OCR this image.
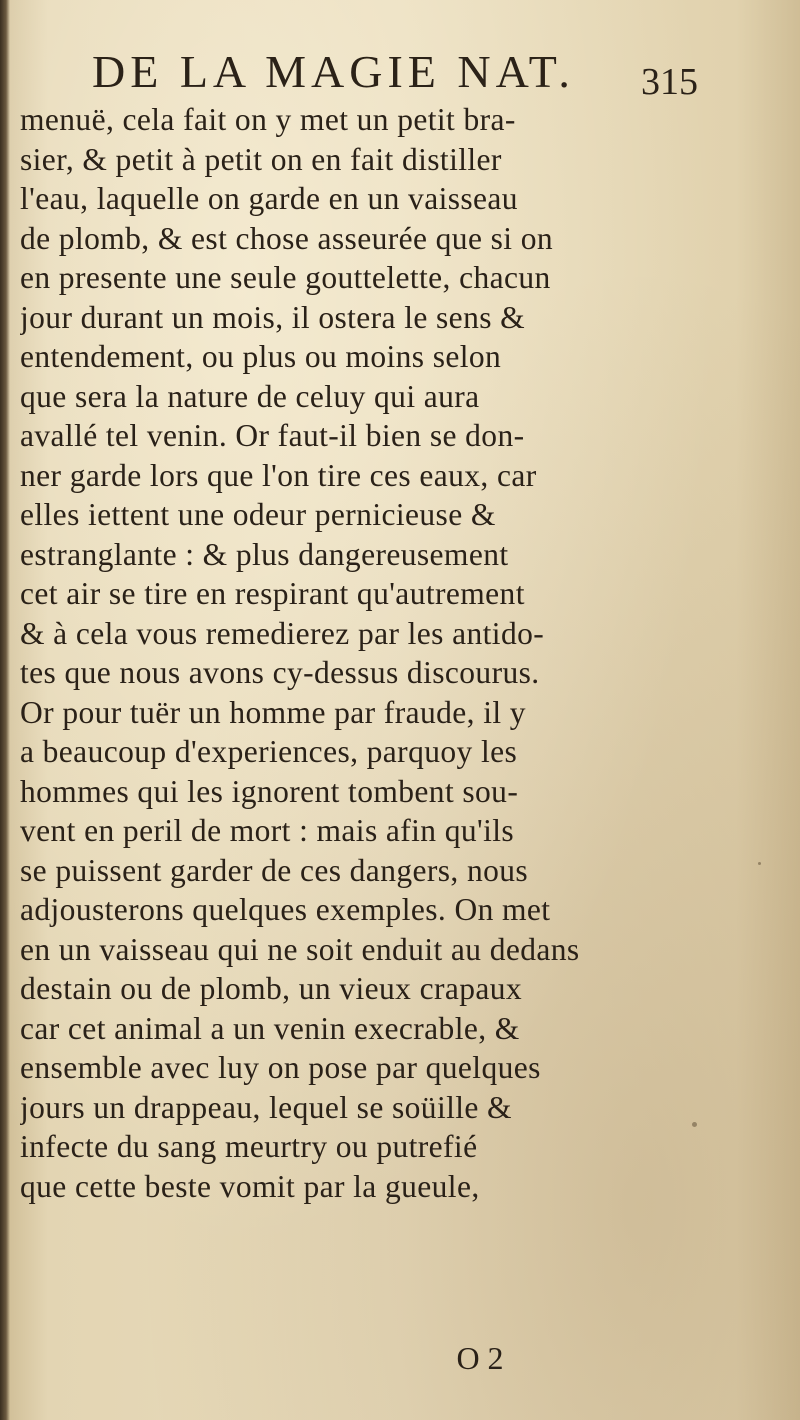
DE LA MAGIE NAT. 315
menuë, cela fait on y met un petit bra-
sier, & petit à petit on en fait distiller
l'eau, laquelle on garde en un vaisseau
de plomb, & est chose asseurée que si on
en presente une seule gouttelette, chacun
jour durant un mois, il ostera le sens &
entendement, ou plus ou moins selon
que sera la nature de celuy qui aura
avallé tel venin. Or faut-il bien se don-
ner garde lors que l'on tire ces eaux, car
elles iettent une odeur pernicieuse &
estranglante : & plus dangereusement
cet air se tire en respirant qu'autrement
& à cela vous remedierez par les antido-
tes que nous avons cy-dessus discourus.
Or pour tuër un homme par fraude, il y
a beaucoup d'experiences, parquoy les
hommes qui les ignorent tombent sou-
vent en peril de mort : mais afin qu'ils
se puissent garder de ces dangers, nous
adjousterons quelques exemples. On met
en un vaisseau qui ne soit enduit au dedans
destain ou de plomb, un vieux crapaux
car cet animal a un venin execrable, &
ensemble avec luy on pose par quelques
jours un drappeau, lequel se soüille &
infecte du sang meurtry ou putrefié
que cette beste vomit par la gueule,
O 2
